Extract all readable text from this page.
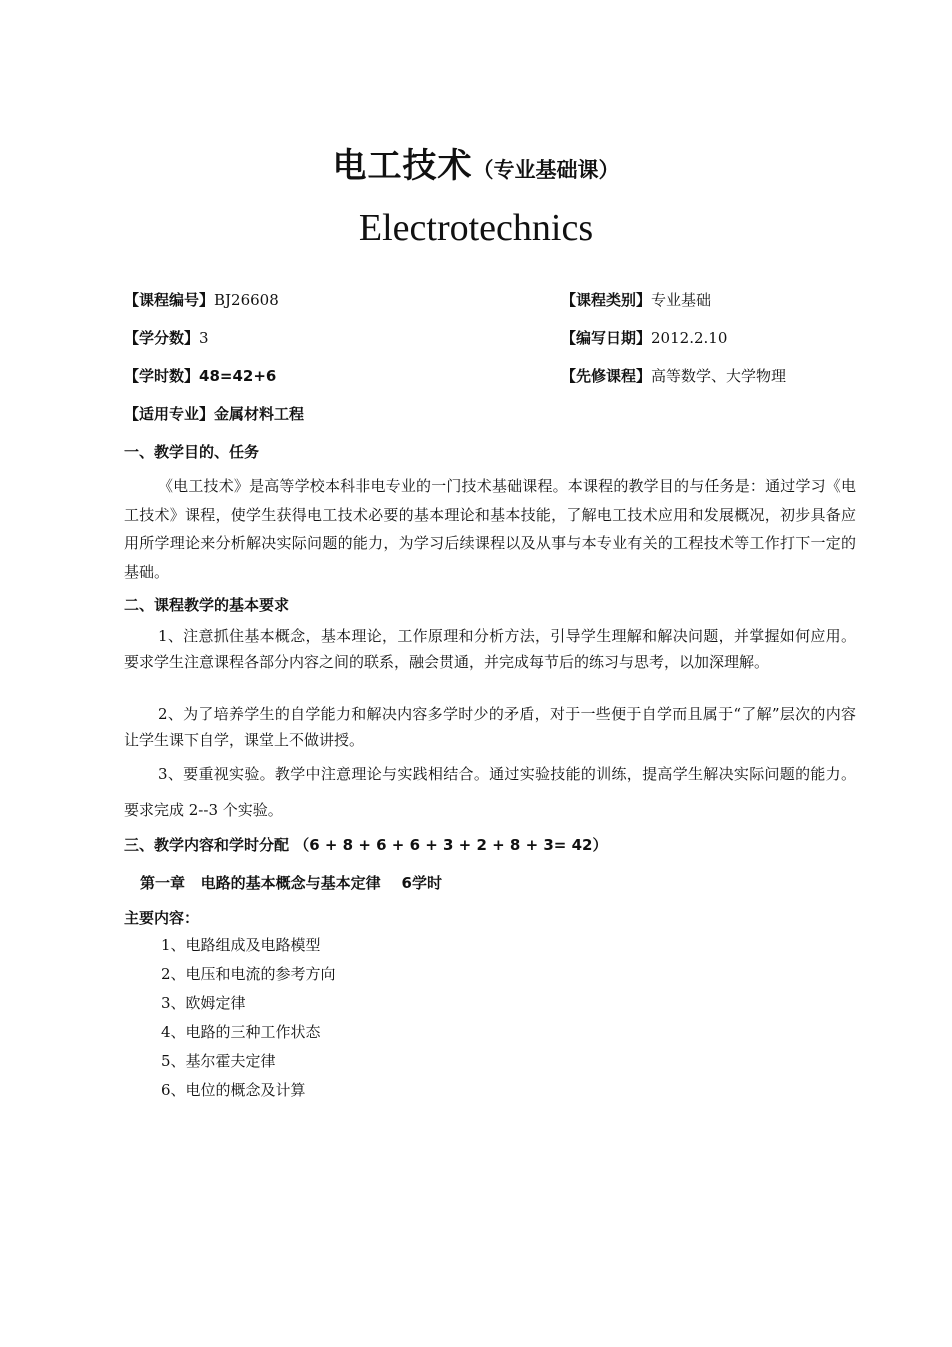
电工技术（专业基础课）
Electrotechnics
【课程编号】BJ26608	【课程类别】专业基础
【学分数】3	【编写日期】2012.2.10
【学时数】48=42+6	【先修课程】高等数学、大学物理
【适用专业】金属材料工程
一、教学目的、任务

《电工技术》是高等学校本科非电专业的一门技术基础课程。本课程的教学目的与任务是：通过学习《电工技术》课程，使学生获得电工技术必要的基本理论和基本技能，了解电工技术应用和发展概况，初步具备应用所学理论来分析解决实际问题的能力，为学习后续课程以及从事与本专业有关的工程技术等工作打下一定的基础。

二、课程教学的基本要求

1、注意抓住基本概念，基本理论，工作原理和分析方法，引导学生理解和解决问题，并掌握如何应用。要求学生注意课程各部分内容之间的联系，融会贯通，并完成每节后的练习与思考，以加深理解。

2、为了培养学生的自学能力和解决内容多学时少的矛盾，对于一些便于自学而且属于“了解”层次的内容让学生课下自学，课堂上不做讲授。

3、要重视实验。教学中注意理论与实践相结合。通过实验技能的训练，提高学生解决实际问题的能力。要求完成 2--3 个实验。

三、教学内容和学时分配 （6 + 8 + 6 + 6 + 3 + 2 + 8 + 3= 42）
第一章   电路的基本概念与基本定律    6学时
主要内容：
1、电路组成及电路模型
2、电压和电流的参考方向
3、欧姆定律
4、电路的三种工作状态
5、基尔霍夫定律
6、电位的概念及计算
